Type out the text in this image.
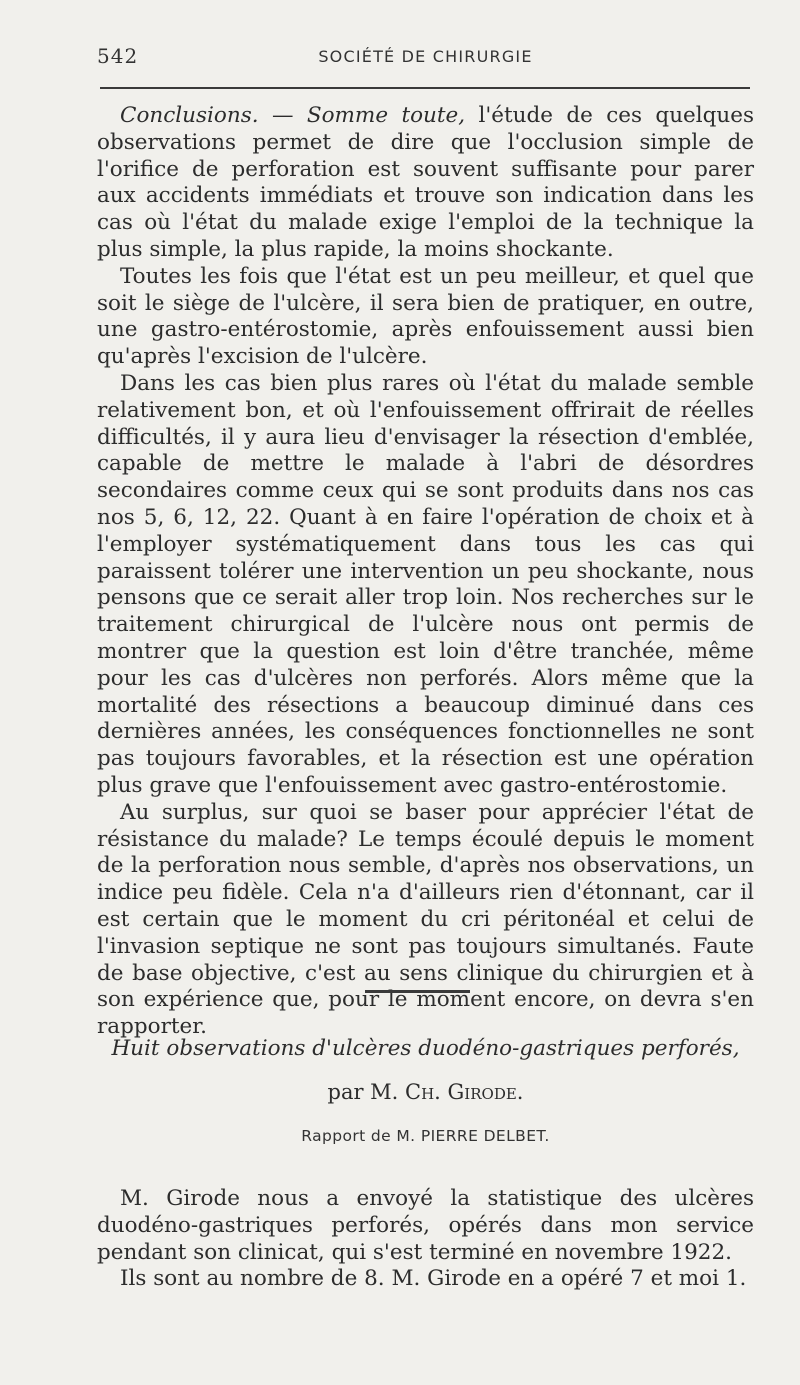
542	SOCIÉTÉ DE CHIRURGIE

Conclusions. — Somme toute, l'étude de ces quelques observations permet de dire que l'occlusion simple de l'orifice de perforation est souvent suffisante pour parer aux accidents immédiats et trouve son indication dans les cas où l'état du malade exige l'emploi de la technique la plus simple, la plus rapide, la moins shockante.

Toutes les fois que l'état est un peu meilleur, et quel que soit le siège de l'ulcère, il sera bien de pratiquer, en outre, une gastro-entérostomie, après enfouissement aussi bien qu'après l'excision de l'ulcère.

Dans les cas bien plus rares où l'état du malade semble relativement bon, et où l'enfouissement offrirait de réelles difficultés, il y aura lieu d'envisager la résection d'emblée, capable de mettre le malade à l'abri de désordres secondaires comme ceux qui se sont produits dans nos cas nos 5, 6, 12, 22. Quant à en faire l'opération de choix et à l'employer systématiquement dans tous les cas qui paraissent tolérer une intervention un peu shockante, nous pensons que ce serait aller trop loin. Nos recherches sur le traitement chirurgical de l'ulcère nous ont permis de montrer que la question est loin d'être tranchée, même pour les cas d'ulcères non perforés. Alors même que la mortalité des résections a beaucoup diminué dans ces dernières années, les conséquences fonctionnelles ne sont pas toujours favorables, et la résection est une opération plus grave que l'enfouissement avec gastro-entérostomie.

Au surplus, sur quoi se baser pour apprécier l'état de résistance du malade? Le temps écoulé depuis le moment de la perforation nous semble, d'après nos observations, un indice peu fidèle. Cela n'a d'ailleurs rien d'étonnant, car il est certain que le moment du cri péritonéal et celui de l'invasion septique ne sont pas toujours simultanés. Faute de base objective, c'est au sens clinique du chirurgien et à son expérience que, pour le moment encore, on devra s'en rapporter.

Huit observations d'ulcères duodéno-gastriques perforés,
par M. Ch. Girode.
Rapport de M. PIERRE DELBET.

M. Girode nous a envoyé la statistique des ulcères duodéno-gastriques perforés, opérés dans mon service pendant son clinicat, qui s'est terminé en novembre 1922.

Ils sont au nombre de 8. M. Girode en a opéré 7 et moi 1.
